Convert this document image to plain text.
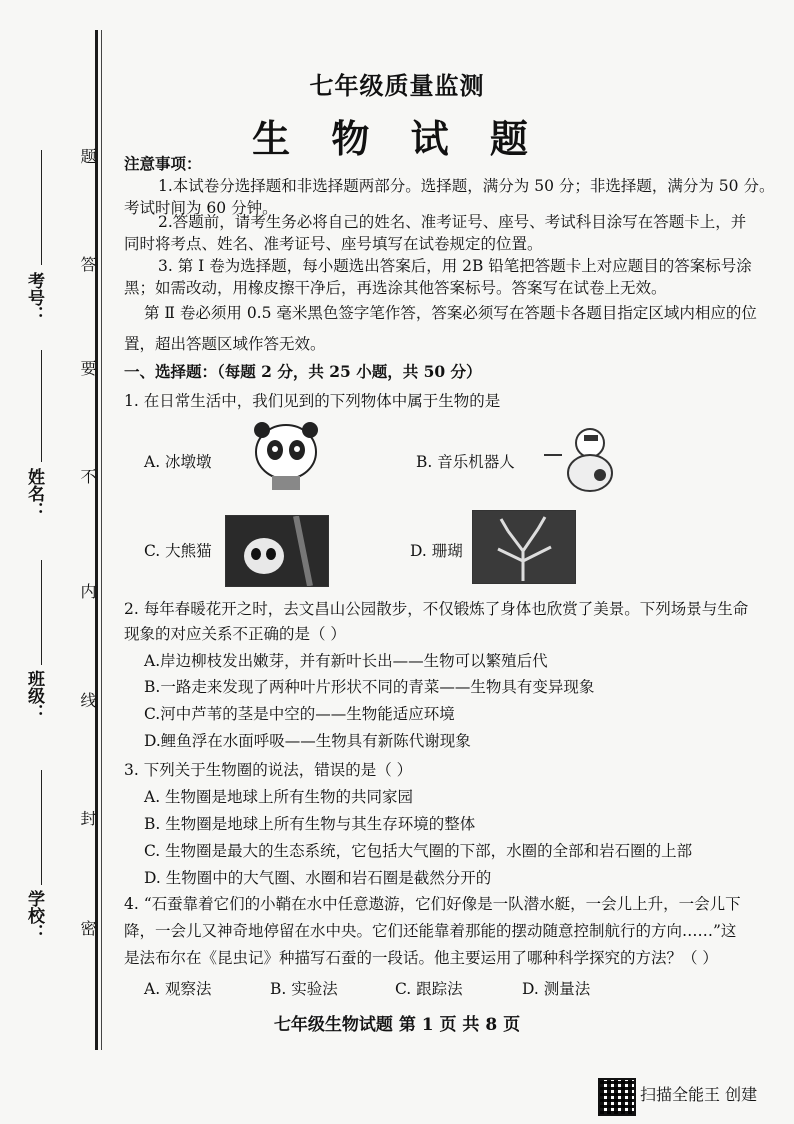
考号：
姓名：
班级：
学校：
题
答
要
不
内
线
封
密
七年级质量监测
生 物 试 题
注意事项：
1.本试卷分选择题和非选择题两部分。选择题，满分为 50 分；非选择题，满分为 50 分。
考试时间为 60 分钟。
2.答题前，请考生务必将自己的姓名、准考证号、座号、考试科目涂写在答题卡上，并
同时将考点、姓名、准考证号、座号填写在试卷规定的位置。
3. 第 Ⅰ 卷为选择题，每小题选出答案后，用 2B 铅笔把答题卡上对应题目的答案标号涂
黑；如需改动，用橡皮擦干净后，再选涂其他答案标号。答案写在试卷上无效。
第 Ⅱ 卷必须用 0.5 毫米黑色签字笔作答，答案必须写在答题卡各题目指定区域内相应的位
置，超出答题区域作答无效。
一、选择题：（每题 2 分，共 25 小题，共 50 分）
1. 在日常生活中，我们见到的下列物体中属于生物的是
A. 冰墩墩	B. 音乐机器人
C. 大熊猫	D. 珊瑚
2. 每年春暖花开之时，去文昌山公园散步，不仅锻炼了身体也欣赏了美景。下列场景与生命
现象的对应关系不正确的是（ ）
A.岸边柳枝发出嫩芽，并有新叶长出——生物可以繁殖后代
B.一路走来发现了两种叶片形状不同的青菜——生物具有变异现象
C.河中芦苇的茎是中空的——生物能适应环境
D.鲤鱼浮在水面呼吸——生物具有新陈代谢现象
3. 下列关于生物圈的说法，错误的是（ ）
A. 生物圈是地球上所有生物的共同家园
B. 生物圈是地球上所有生物与其生存环境的整体
C. 生物圈是最大的生态系统，它包括大气圈的下部，水圈的全部和岩石圈的上部
D. 生物圈中的大气圈、水圈和岩石圈是截然分开的
4. “石蚕靠着它们的小鞘在水中任意遨游，它们好像是一队潜水艇，一会儿上升，一会儿下
降，一会儿又神奇地停留在水中央。它们还能靠着那能的摆动随意控制航行的方向……”这
是法布尔在《昆虫记》种描写石蚕的一段话。他主要运用了哪种科学探究的方法？（ ）
A. 观察法	B. 实验法	C. 跟踪法	D. 测量法
七年级生物试题 第 1 页 共 8 页
扫描全能王 创建
